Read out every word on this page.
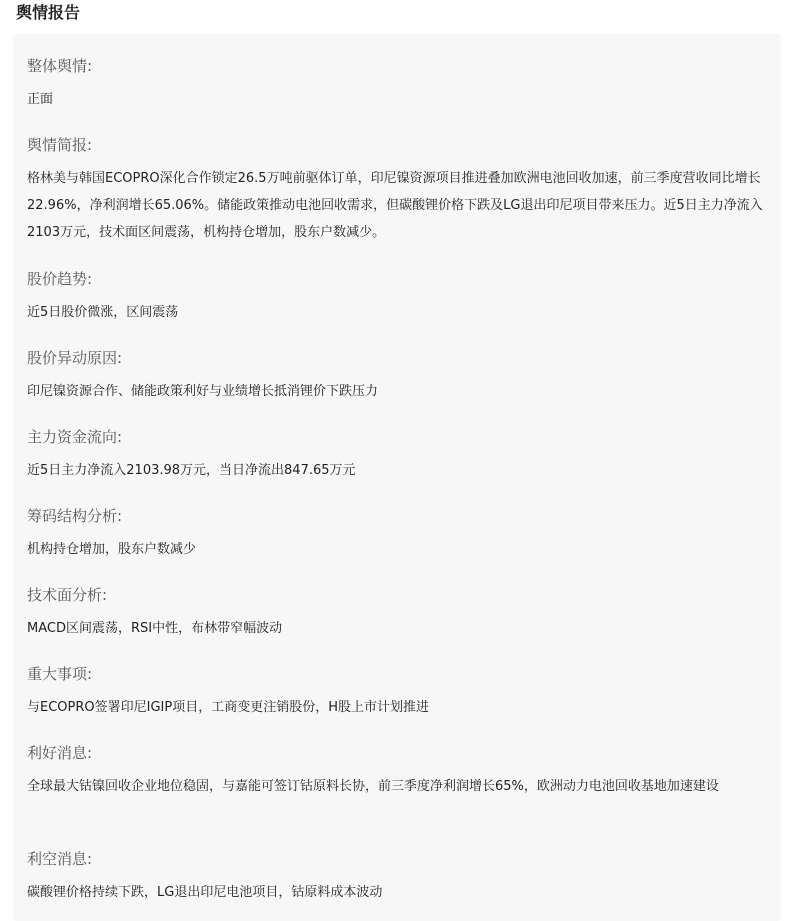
舆情报告
整体舆情:
正面
舆情简报:
格林美与韩国ECOPRO深化合作锁定26.5万吨前驱体订单，印尼镍资源项目推进叠加欧洲电池回收加速，前三季度营收同比增长22.96%，净利润增长65.06%。储能政策推动电池回收需求，但碳酸锂价格下跌及LG退出印尼项目带来压力。近5日主力净流入2103万元，技术面区间震荡，机构持仓增加，股东户数减少。
股价趋势:
近5日股价微涨，区间震荡
股价异动原因:
印尼镍资源合作、储能政策利好与业绩增长抵消锂价下跌压力
主力资金流向:
近5日主力净流入2103.98万元，当日净流出847.65万元
筹码结构分析:
机构持仓增加，股东户数减少
技术面分析:
MACD区间震荡，RSI中性，布林带窄幅波动
重大事项:
与ECOPRO签署印尼IGIP项目，工商变更注销股份，H股上市计划推进
利好消息:
全球最大钴镍回收企业地位稳固，与嘉能可签订钴原料长协，前三季度净利润增长65%，欧洲动力电池回收基地加速建设
利空消息:
碳酸锂价格持续下跌，LG退出印尼电池项目，钴原料成本波动
